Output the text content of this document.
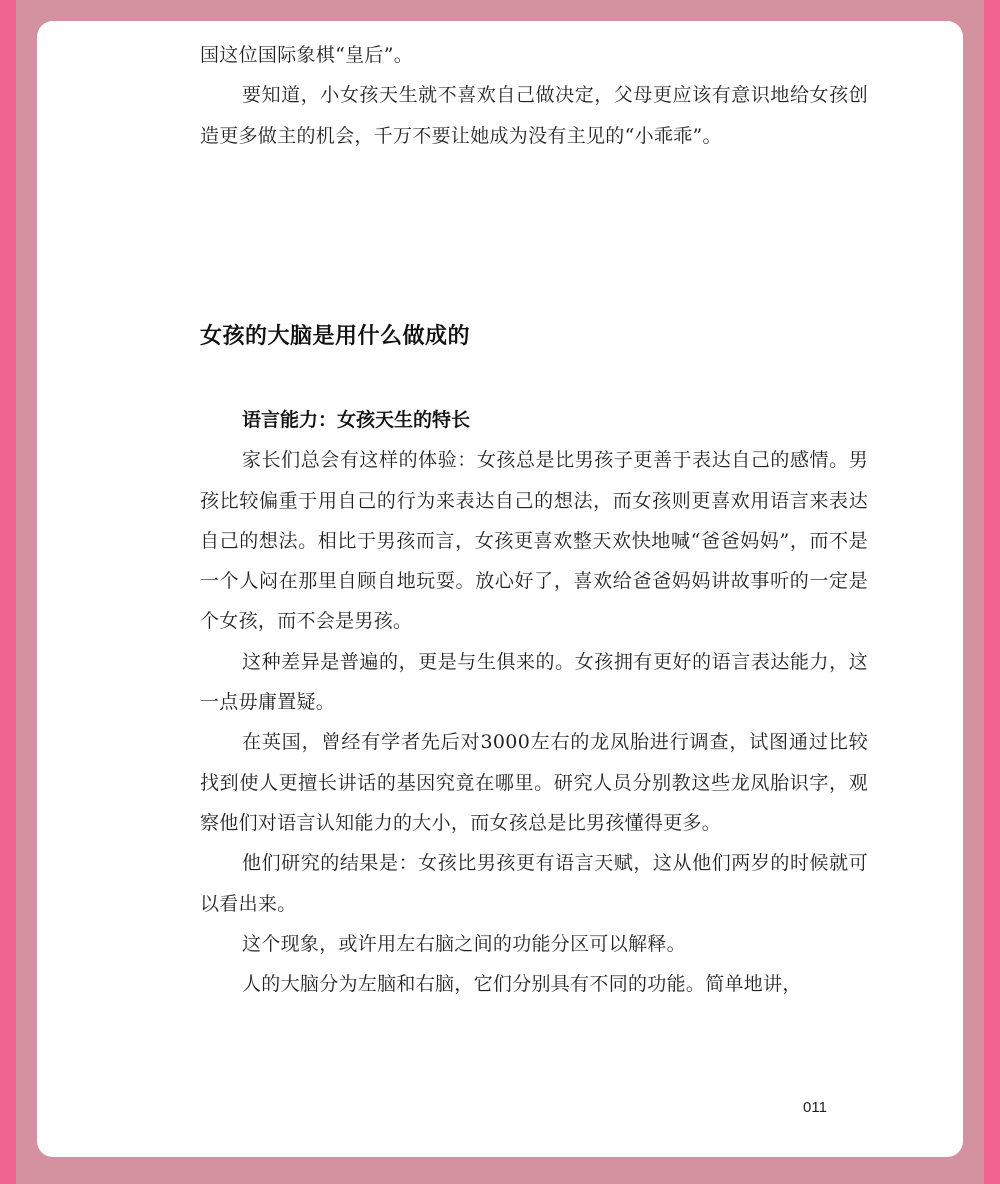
国这位国际象棋“皇后”。

要知道，小女孩天生就不喜欢自己做决定，父母更应该有意识地给女孩创造更多做主的机会，千万不要让她成为没有主见的“小乖乖”。

女孩的大脑是用什么做成的

语言能力：女孩天生的特长

家长们总会有这样的体验：女孩总是比男孩子更善于表达自己的感情。男孩比较偏重于用自己的行为来表达自己的想法，而女孩则更喜欢用语言来表达自己的想法。相比于男孩而言，女孩更喜欢整天欢快地喊“爸爸妈妈”，而不是一个人闷在那里自顾自地玩耍。放心好了，喜欢给爸爸妈妈讲故事听的一定是个女孩，而不会是男孩。

这种差异是普遍的，更是与生俱来的。女孩拥有更好的语言表达能力，这一点毋庸置疑。

在英国，曾经有学者先后对3000左右的龙凤胎进行调查，试图通过比较找到使人更擅长讲话的基因究竟在哪里。研究人员分别教这些龙凤胎识字，观察他们对语言认知能力的大小，而女孩总是比男孩懂得更多。

他们研究的结果是：女孩比男孩更有语言天赋，这从他们两岁的时候就可以看出来。

这个现象，或许用左右脑之间的功能分区可以解释。

人的大脑分为左脑和右脑，它们分别具有不同的功能。简单地讲，

011
